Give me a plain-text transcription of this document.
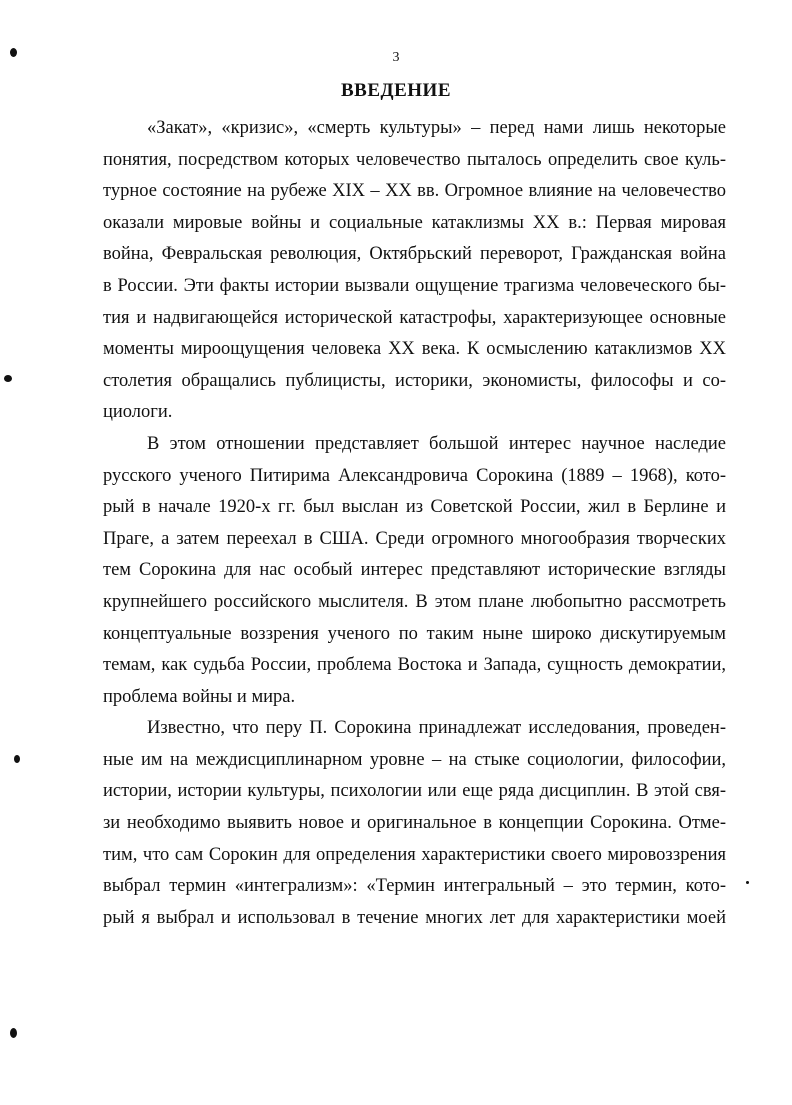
3
ВВЕДЕНИЕ
«Закат», «кризис», «смерть культуры» – перед нами лишь некоторые
понятия, посредством которых человечество пыталось определить свое куль-
турное состояние на рубеже XIX – XX вв. Огромное влияние на человечество
оказали мировые войны и социальные катаклизмы XX в.: Первая мировая
война, Февральская революция, Октябрьский переворот, Гражданская война
в России. Эти факты истории вызвали ощущение трагизма человеческого бы-
тия и надвигающейся исторической катастрофы, характеризующее основные
моменты мироощущения человека XX века. К осмыслению катаклизмов XX
столетия обращались публицисты, историки, экономисты, философы и со-
циологи.
В этом отношении представляет большой интерес научное наследие
русского ученого Питирима Александровича Сорокина (1889 – 1968), кото-
рый в начале 1920-х гг. был выслан из Советской России, жил в Берлине и
Праге, а затем переехал в США. Среди огромного многообразия творческих
тем Сорокина для нас особый интерес представляют исторические взгляды
крупнейшего российского мыслителя. В этом плане любопытно рассмотреть
концептуальные воззрения ученого по таким ныне широко дискутируемым
темам, как судьба России, проблема Востока и Запада, сущность демократии,
проблема войны и мира.
Известно, что перу П. Сорокина принадлежат исследования, проведен-
ные им на междисциплинарном уровне – на стыке социологии, философии,
истории, истории культуры, психологии или еще ряда дисциплин. В этой свя-
зи необходимо выявить новое и оригинальное в концепции Сорокина. Отме-
тим, что сам Сорокин для определения характеристики своего мировоззрения
выбрал термин «интегрализм»: «Термин интегральный – это термин, кото-
рый я выбрал и использовал в течение многих лет для характеристики моей
